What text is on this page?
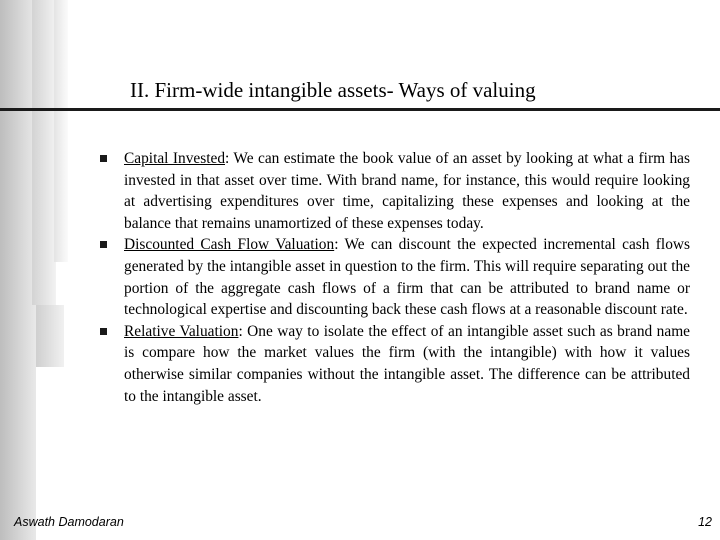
II. Firm-wide intangible assets- Ways of valuing
Capital Invested: We can estimate the book value of an asset by looking at what a firm has invested in that asset over time. With brand name, for instance, this would require looking at advertising expenditures over time, capitalizing these expenses and looking at the balance that remains unamortized of these expenses today.
Discounted Cash Flow Valuation: We can discount the expected incremental cash flows generated by the intangible asset in question to the firm. This will require separating out the portion of the aggregate cash flows of a firm that can be attributed to brand name or technological expertise and discounting back these cash flows at a reasonable discount rate.
Relative Valuation: One way to isolate the effect of an intangible asset such as brand name is compare how the market values the firm (with the intangible) with how it values otherwise similar companies without the intangible asset. The difference can be attributed to the intangible asset.
Aswath Damodaran	12
